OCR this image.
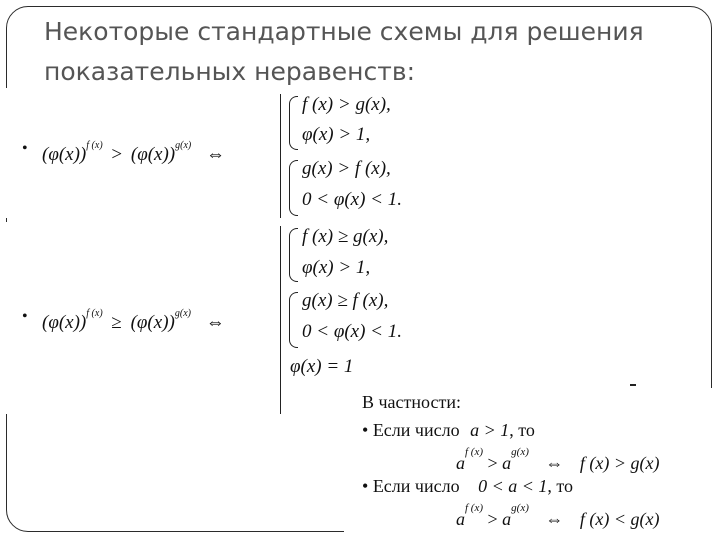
Некоторые стандартные схемы для решения показательных неравенств:
• $(\varphi(x))^{f (x)} > (\varphi(x))^{g(x)}$ ⇔
f (x) > g(x),
φ(x) > 1,
g(x) > f (x),
0 < φ(x) < 1.
• $(\varphi(x))^{f (x)} \ge (\varphi(x))^{g(x)}$ ⇔
f (x) ≥ g(x),
φ(x) > 1,
g(x) ≥ f (x),
0 < φ(x) < 1.
φ(x) = 1
В частности:
• Если число a > 1, то
$a^{f (x)} > a^{g(x)}$ ⇔ f (x) > g(x)
• Если число 0 < a < 1, то
$a^{f (x)} > a^{g(x)}$ ⇔ f (x) < g(x)
